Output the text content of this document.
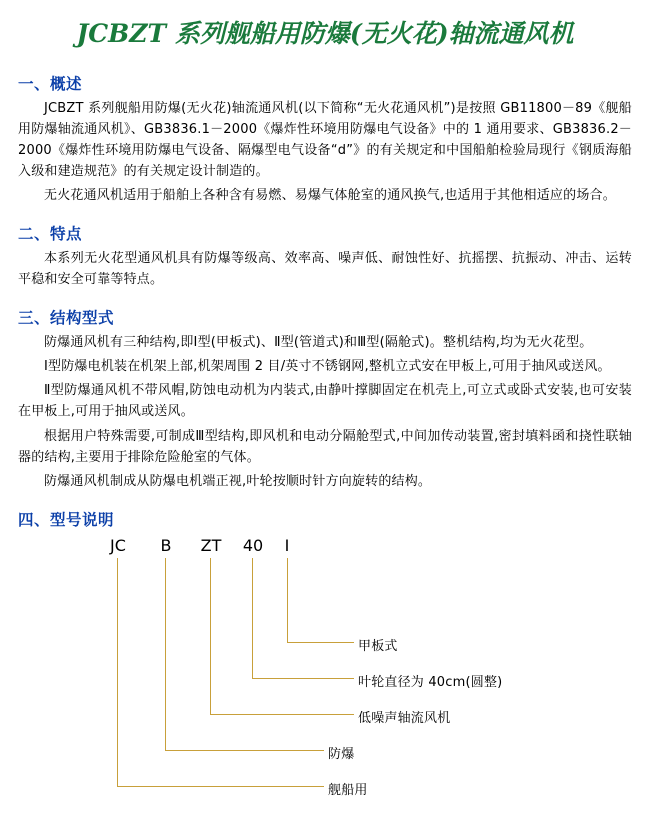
JCBZT 系列舰船用防爆(无火花)轴流通风机
一、概述

JCBZT 系列舰船用防爆(无火花)轴流通风机(以下简称“无火花通风机”)是按照 GB11800－89《舰船用防爆轴流通风机》、GB3836.1－2000《爆炸性环境用防爆电气设备》中的 1 通用要求、GB3836.2－2000《爆炸性环境用防爆电气设备、隔爆型电气设备“d”》的有关规定和中国船舶检验局现行《钢质海船入级和建造规范》的有关规定设计制造的。

无火花通风机适用于船舶上各种含有易燃、易爆气体舱室的通风换气,也适用于其他相适应的场合。

二、特点

本系列无火花型通风机具有防爆等级高、效率高、噪声低、耐蚀性好、抗摇摆、抗振动、冲击、运转平稳和安全可靠等特点。

三、结构型式

防爆通风机有三种结构,即Ⅰ型(甲板式)、Ⅱ型(管道式)和Ⅲ型(隔舱式)。整机结构,均为无火花型。

Ⅰ型防爆电机装在机架上部,机架周围 2 目/英寸不锈钢网,整机立式安在甲板上,可用于抽风或送风。

Ⅱ型防爆通风机不带风帽,防蚀电动机为内装式,由静叶撑脚固定在机壳上,可立式或卧式安装,也可安装在甲板上,可用于抽风或送风。

根据用户特殊需要,可制成Ⅲ型结构,即风机和电动分隔舱型式,中间加传动装置,密封填料函和挠性联轴器的结构,主要用于排除危险舱室的气体。

防爆通风机制成从防爆电机端正视,叶轮按顺时针方向旋转的结构。

四、型号说明
JC	B ZT 40 Ⅰ
甲板式
叶轮直径为 40cm(圆整)
低噪声轴流风机
防爆
舰船用
